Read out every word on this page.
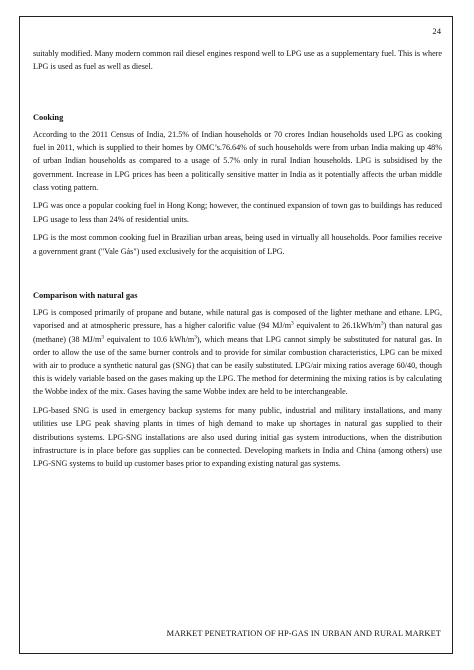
24

suitably modified. Many modern common rail diesel engines respond well to LPG use as a supplementary fuel. This is where LPG is used as fuel as well as diesel.

Cooking

According to the 2011 Census of India, 21.5% of Indian households or 70 crores Indian households used LPG as cooking fuel in 2011, which is supplied to their homes by OMC’s.76.64% of such households were from urban India making up 48% of urban Indian households as compared to a usage of 5.7% only in rural Indian households. LPG is subsidised by the government. Increase in LPG prices has been a politically sensitive matter in India as it potentially affects the urban middle class voting pattern.

LPG was once a popular cooking fuel in Hong Kong; however, the continued expansion of town gas to buildings has reduced LPG usage to less than 24% of residential units.

LPG is the most common cooking fuel in Brazilian urban areas, being used in virtually all households. Poor families receive a government grant ("Vale Gás") used exclusively for the acquisition of LPG.

Comparison with natural gas

LPG is composed primarily of propane and butane, while natural gas is composed of the lighter methane and ethane. LPG, vaporised and at atmospheric pressure, has a higher calorific value (94 $MJ/m^3$ equivalent to $26.1kWh/m^3$) than natural gas (methane) (38 $MJ/m^3$ equivalent to 10.6 kWh/$m^3$), which means that LPG cannot simply be substituted for natural gas. In order to allow the use of the same burner controls and to provide for similar combustion characteristics, LPG can be mixed with air to produce a synthetic natural gas (SNG) that can be easily substituted. LPG/air mixing ratios average 60/40, though this is widely variable based on the gases making up the LPG. The method for determining the mixing ratios is by calculating the Wobbe index of the mix. Gases having the same Wobbe index are held to be interchangeable.

LPG-based SNG is used in emergency backup systems for many public, industrial and military installations, and many utilities use LPG peak shaving plants in times of high demand to make up shortages in natural gas supplied to their distributions systems. LPG-SNG installations are also used during initial gas system introductions, when the distribution infrastructure is in place before gas supplies can be connected. Developing markets in India and China (among others) use LPG-SNG systems to build up customer bases prior to expanding existing natural gas systems.

MARKET PENETRATION OF HP-GAS IN URBAN AND RURAL MARKET
